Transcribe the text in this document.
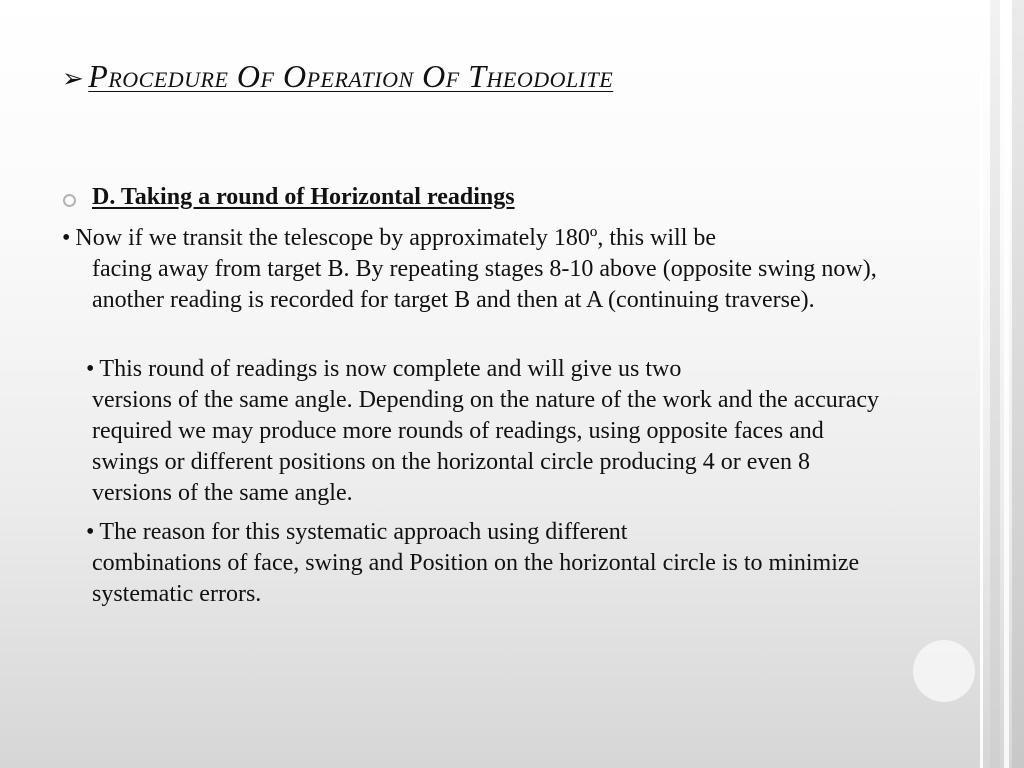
➢ Procedure Of Operation Of Theodolite
D. Taking a round of Horizontal readings

• Now if we transit the telescope by approximately 180º, this will be
facing away from target B. By repeating stages 8-10 above (opposite swing now), another reading is recorded for target B and then at A (continuing traverse).

• This round of readings is now complete and will give us two
versions of the same angle. Depending on the nature of the work and the accuracy required we may produce more rounds of readings, using opposite faces and swings or different positions on the horizontal circle producing 4 or even 8 versions of the same angle.

• The reason for this systematic approach using different
combinations of face, swing and Position on the horizontal circle is to minimize systematic errors.
